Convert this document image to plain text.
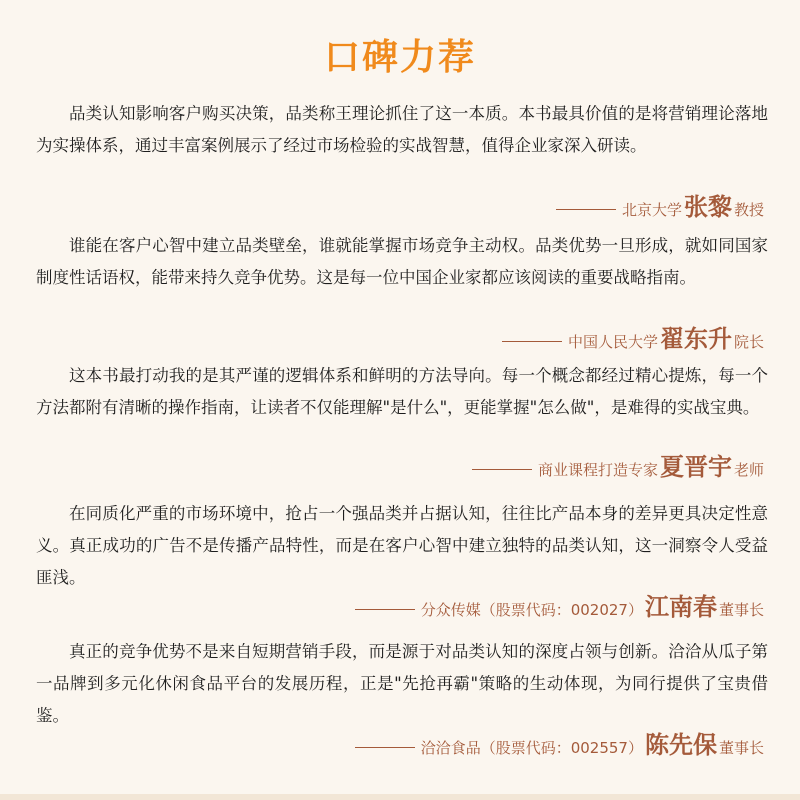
口碑力荐

品类认知影响客户购买决策，品类称王理论抓住了这一本质。本书最具价值的是将营销理论落地为实操体系，通过丰富案例展示了经过市场检验的实战智慧，值得企业家深入研读。

北京大学 张黎 教授

谁能在客户心智中建立品类壁垒，谁就能掌握市场竞争主动权。品类优势一旦形成，就如同国家制度性话语权，能带来持久竞争优势。这是每一位中国企业家都应该阅读的重要战略指南。

中国人民大学 翟东升 院长

这本书最打动我的是其严谨的逻辑体系和鲜明的方法导向。每一个概念都经过精心提炼，每一个方法都附有清晰的操作指南，让读者不仅能理解"是什么"，更能掌握"怎么做"，是难得的实战宝典。

商业课程打造专家 夏晋宇 老师

在同质化严重的市场环境中，抢占一个强品类并占据认知，往往比产品本身的差异更具决定性意义。真正成功的广告不是传播产品特性，而是在客户心智中建立独特的品类认知，这一洞察令人受益匪浅。

分众传媒（股票代码：002027） 江南春 董事长

真正的竞争优势不是来自短期营销手段，而是源于对品类认知的深度占领与创新。洽洽从瓜子第一品牌到多元化休闲食品平台的发展历程，正是"先抢再霸"策略的生动体现，为同行提供了宝贵借鉴。

洽洽食品（股票代码：002557） 陈先保 董事长
